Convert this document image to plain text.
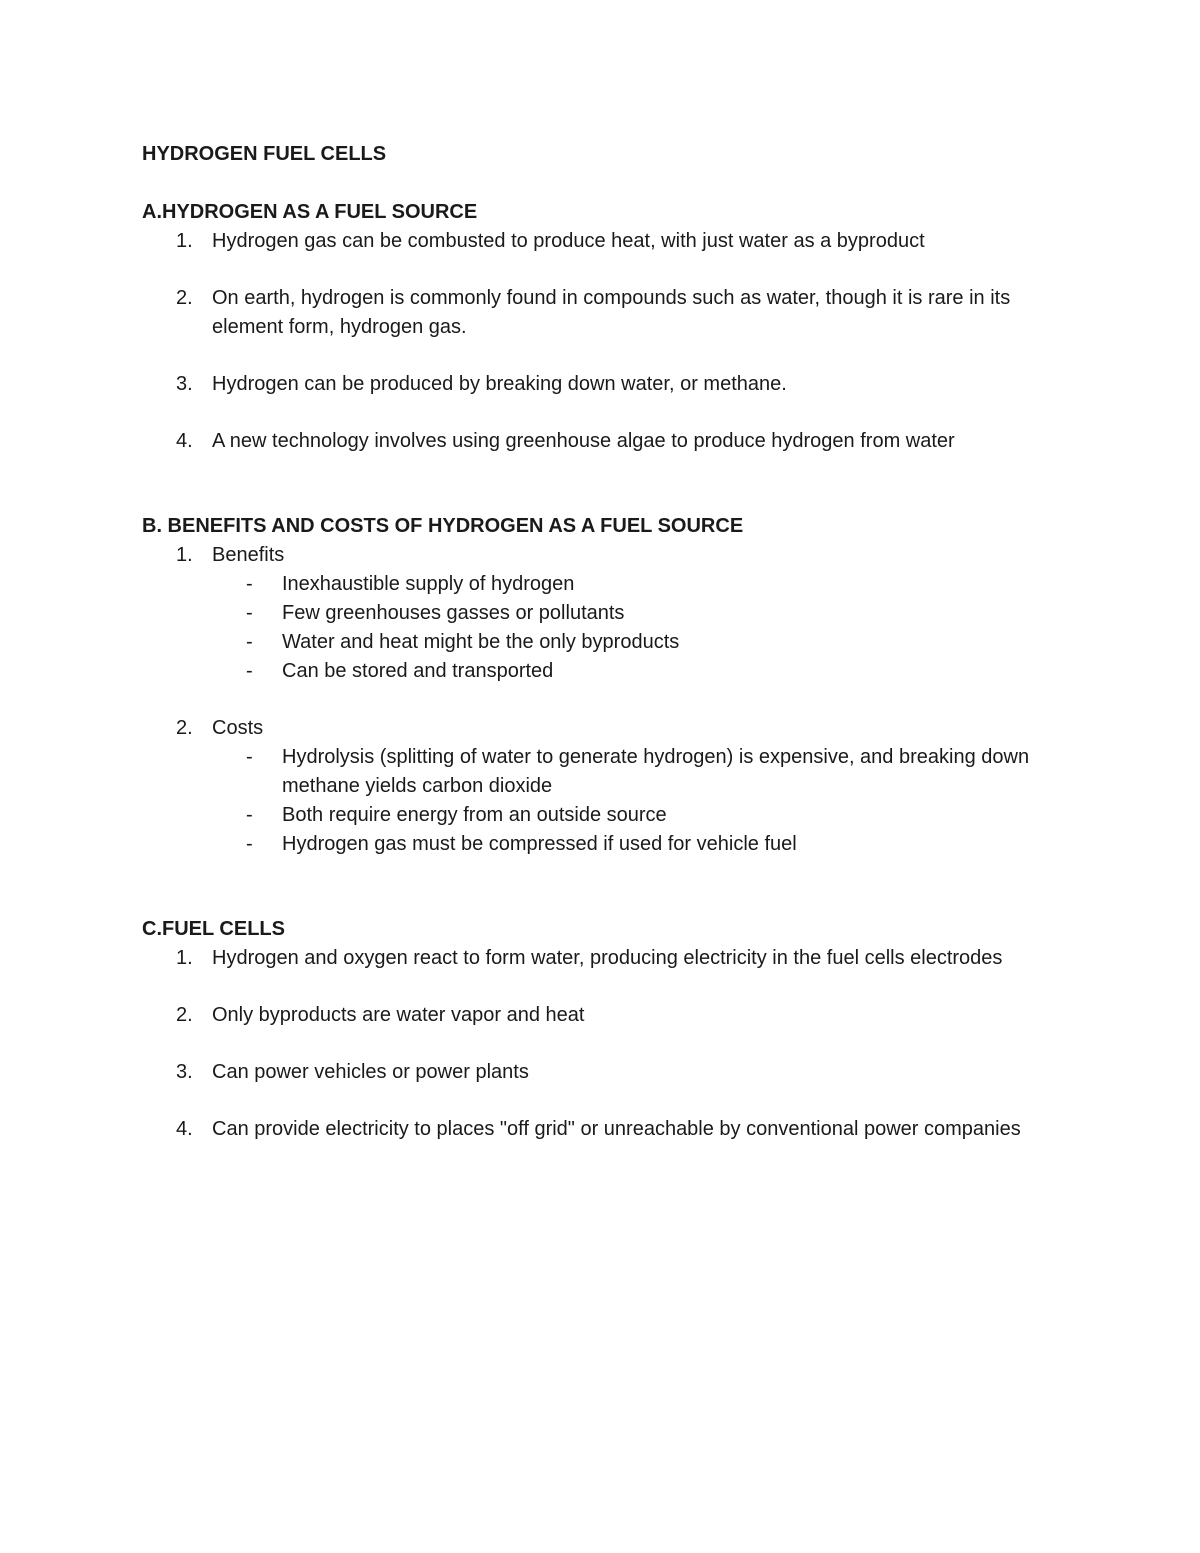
HYDROGEN FUEL CELLS
A.HYDROGEN AS A FUEL SOURCE
1. Hydrogen gas can be combusted to produce heat, with just water as a byproduct
2. On earth, hydrogen is commonly found in compounds such as water, though it is rare in its element form, hydrogen gas.
3. Hydrogen can be produced by breaking down water, or methane.
4. A new technology involves using greenhouse algae to produce hydrogen from water
B. BENEFITS AND COSTS OF HYDROGEN AS A FUEL SOURCE
1. Benefits
- Inexhaustible supply of hydrogen
- Few greenhouses gasses or pollutants
- Water and heat might be the only byproducts
- Can be stored and transported
2. Costs
- Hydrolysis (splitting of water to generate hydrogen) is expensive, and breaking down methane yields carbon dioxide
- Both require energy from an outside source
- Hydrogen gas must be compressed if used for vehicle fuel
C.FUEL CELLS
1. Hydrogen and oxygen react to form water, producing electricity in the fuel cells electrodes
2. Only byproducts are water vapor and heat
3. Can power vehicles or power plants
4. Can provide electricity to places "off grid" or unreachable by conventional power companies
